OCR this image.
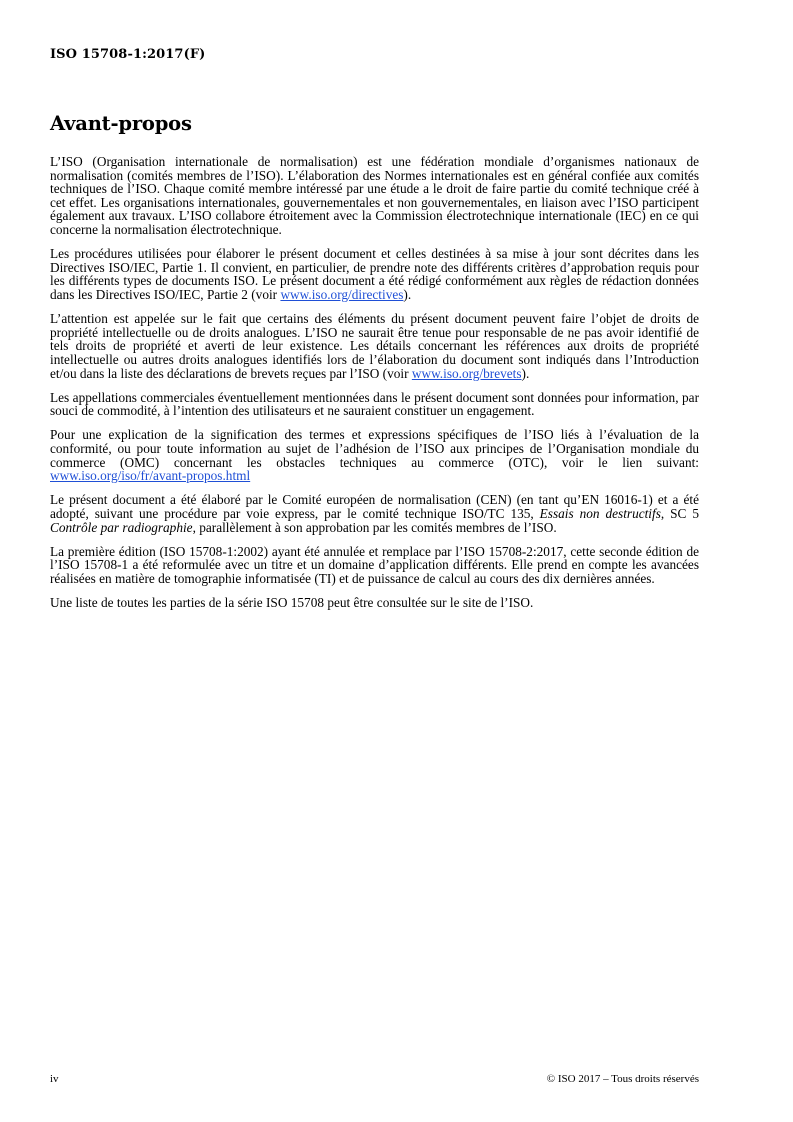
ISO 15708-1:2017(F)
Avant-propos

L’ISO (Organisation internationale de normalisation) est une fédération mondiale d’organismes nationaux de normalisation (comités membres de l’ISO). L’élaboration des Normes internationales est en général confiée aux comités techniques de l’ISO. Chaque comité membre intéressé par une étude a le droit de faire partie du comité technique créé à cet effet. Les organisations internationales, gouvernementales et non gouvernementales, en liaison avec l’ISO participent également aux travaux. L’ISO collabore étroitement avec la Commission électrotechnique internationale (IEC) en ce qui concerne la normalisation électrotechnique.

Les procédures utilisées pour élaborer le présent document et celles destinées à sa mise à jour sont décrites dans les Directives ISO/IEC, Partie 1. Il convient, en particulier, de prendre note des différents critères d’approbation requis pour les différents types de documents ISO. Le présent document a été rédigé conformément aux règles de rédaction données dans les Directives ISO/IEC, Partie 2 (voir www.iso.org/directives).

L’attention est appelée sur le fait que certains des éléments du présent document peuvent faire l’objet de droits de propriété intellectuelle ou de droits analogues. L’ISO ne saurait être tenue pour responsable de ne pas avoir identifié de tels droits de propriété et averti de leur existence. Les détails concernant les références aux droits de propriété intellectuelle ou autres droits analogues identifiés lors de l’élaboration du document sont indiqués dans l’Introduction et/ou dans la liste des déclarations de brevets reçues par l’ISO (voir www.iso.org/brevets).

Les appellations commerciales éventuellement mentionnées dans le présent document sont données pour information, par souci de commodité, à l’intention des utilisateurs et ne sauraient constituer un engagement.

Pour une explication de la signification des termes et expressions spécifiques de l’ISO liés à l’évaluation de la conformité, ou pour toute information au sujet de l’adhésion de l’ISO aux principes de l’Organisation mondiale du commerce (OMC) concernant les obstacles techniques au commerce (OTC), voir le lien suivant: www.iso.org/iso/fr/avant-propos.html

Le présent document a été élaboré par le Comité européen de normalisation (CEN) (en tant qu’EN 16016-1) et a été adopté, suivant une procédure par voie express, par le comité technique ISO/TC 135, Essais non destructifs, SC 5 Contrôle par radiographie, parallèlement à son approbation par les comités membres de l’ISO.

La première édition (ISO 15708-1:2002) ayant été annulée et remplace par l’ISO 15708-2:2017, cette seconde édition de l’ISO 15708-1 a été reformulée avec un titre et un domaine d’application différents. Elle prend en compte les avancées réalisées en matière de tomographie informatisée (TI) et de puissance de calcul au cours des dix dernières années.

Une liste de toutes les parties de la série ISO 15708 peut être consultée sur le site de l’ISO.

iv	© ISO 2017 – Tous droits réservés
